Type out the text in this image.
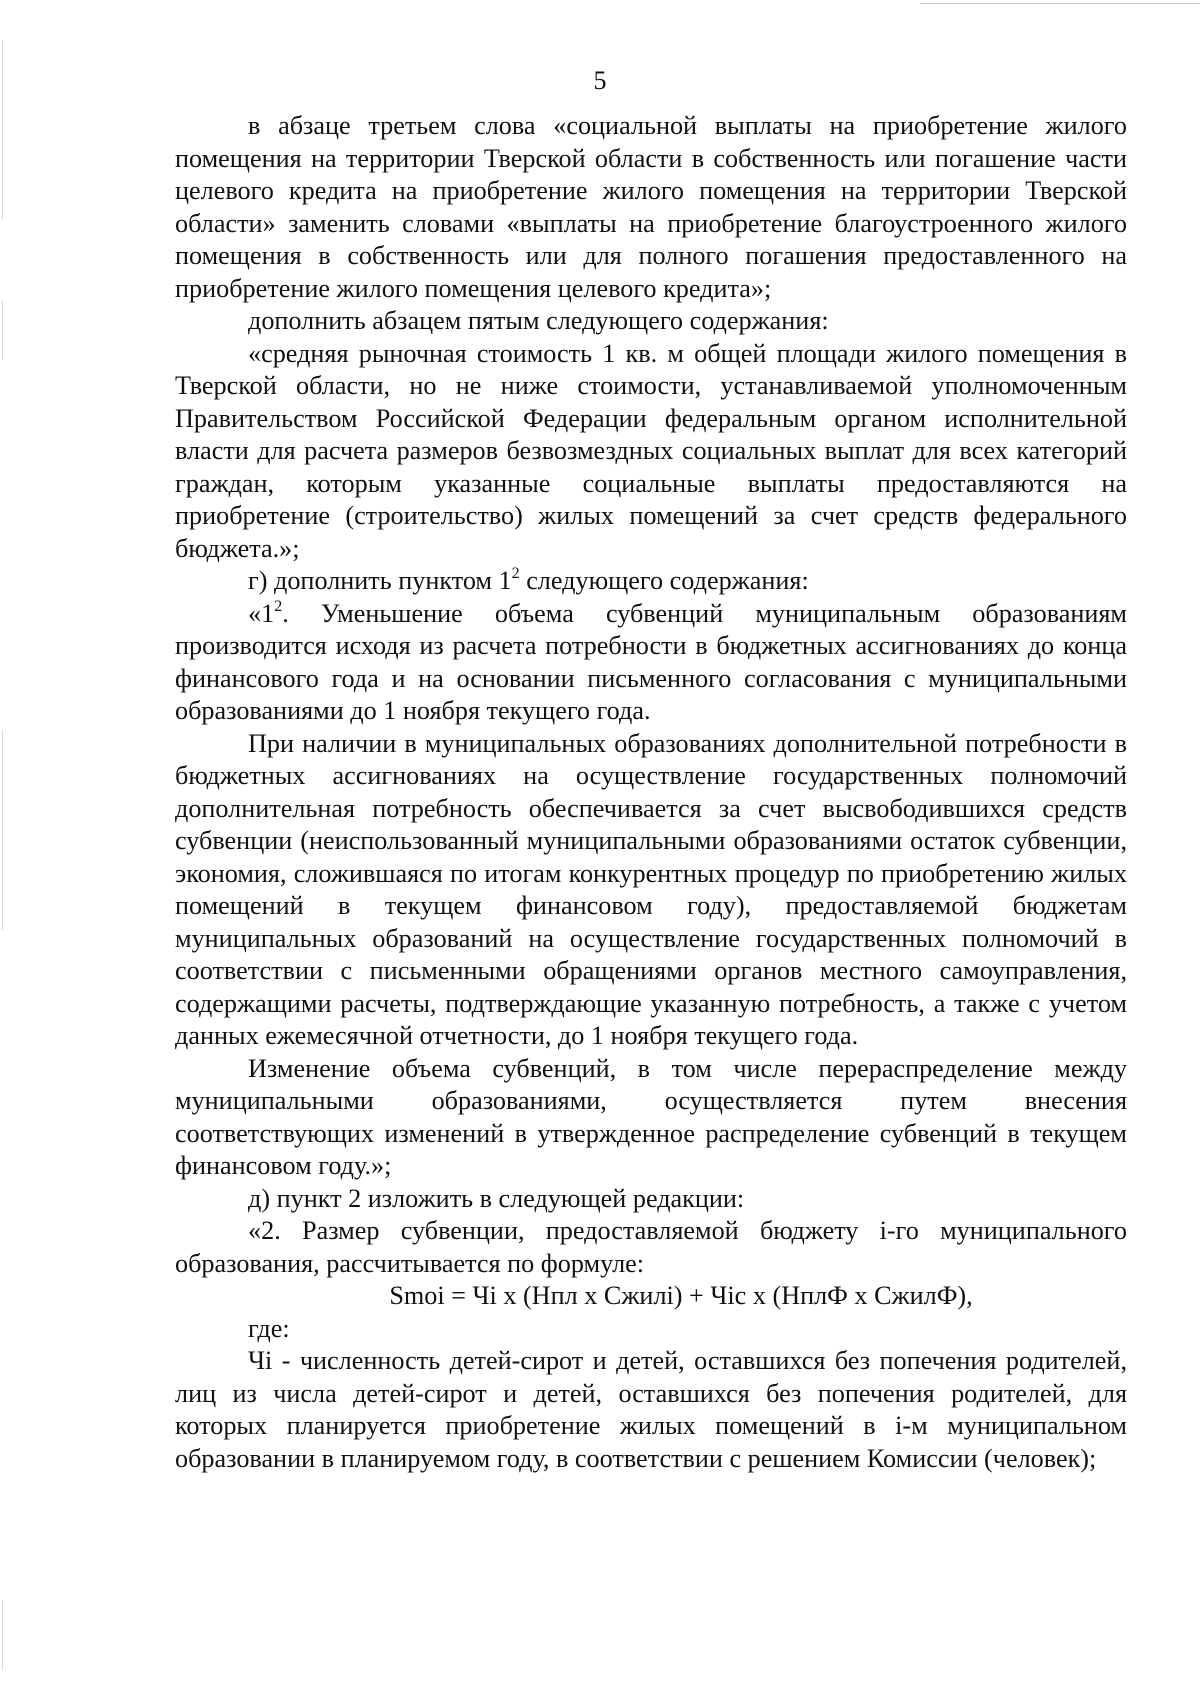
5

в абзаце третьем слова «социальной выплаты на приобретение жилого помещения на территории Тверской области в собственность или погашение части целевого кредита на приобретение жилого помещения на территории Тверской области» заменить словами «выплаты на приобретение благоустроенного жилого помещения в собственность или для полного погашения предоставленного на приобретение жилого помещения целевого кредита»;

дополнить абзацем пятым следующего содержания:

«средняя рыночная стоимость 1 кв. м общей площади жилого помещения в Тверской области, но не ниже стоимости, устанавливаемой уполномоченным Правительством Российской Федерации федеральным органом исполнительной власти для расчета размеров безвозмездных социальных выплат для всех категорий граждан, которым указанные социальные выплаты предоставляются на приобретение (строительство) жилых помещений за счет средств федерального бюджета.»;

г) дополнить пунктом $1^2$ следующего содержания:

«$1^2$. Уменьшение объема субвенций муниципальным образованиям производится исходя из расчета потребности в бюджетных ассигнованиях до конца финансового года и на основании письменного согласования с муниципальными образованиями до 1 ноября текущего года.

При наличии в муниципальных образованиях дополнительной потребности в бюджетных ассигнованиях на осуществление государственных полномочий дополнительная потребность обеспечивается за счет высвободившихся средств субвенции (неиспользованный муниципальными образованиями остаток субвенции, экономия, сложившаяся по итогам конкурентных процедур по приобретению жилых помещений в текущем финансовом году), предоставляемой бюджетам муниципальных образований на осуществление государственных полномочий в соответствии с письменными обращениями органов местного самоуправления, содержащими расчеты, подтверждающие указанную потребность, а также с учетом данных ежемесячной отчетности, до 1 ноября текущего года.

Изменение объема субвенций, в том числе перераспределение между муниципальными образованиями, осуществляется путем внесения соответствующих изменений в утвержденное распределение субвенций в текущем финансовом году.»;

д) пункт 2 изложить в следующей редакции:

«2. Размер субвенции, предоставляемой бюджету і-го муниципального образования, рассчитывается по формуле:

Smoi = Чі х (Нпл х Сжилі) + Чіс х (НплФ х СжилФ),

где:

Чі - численность детей-сирот и детей, оставшихся без попечения родителей, лиц из числа детей-сирот и детей, оставшихся без попечения родителей, для которых планируется приобретение жилых помещений в і-м муниципальном образовании в планируемом году, в соответствии с решением Комиссии (человек);
